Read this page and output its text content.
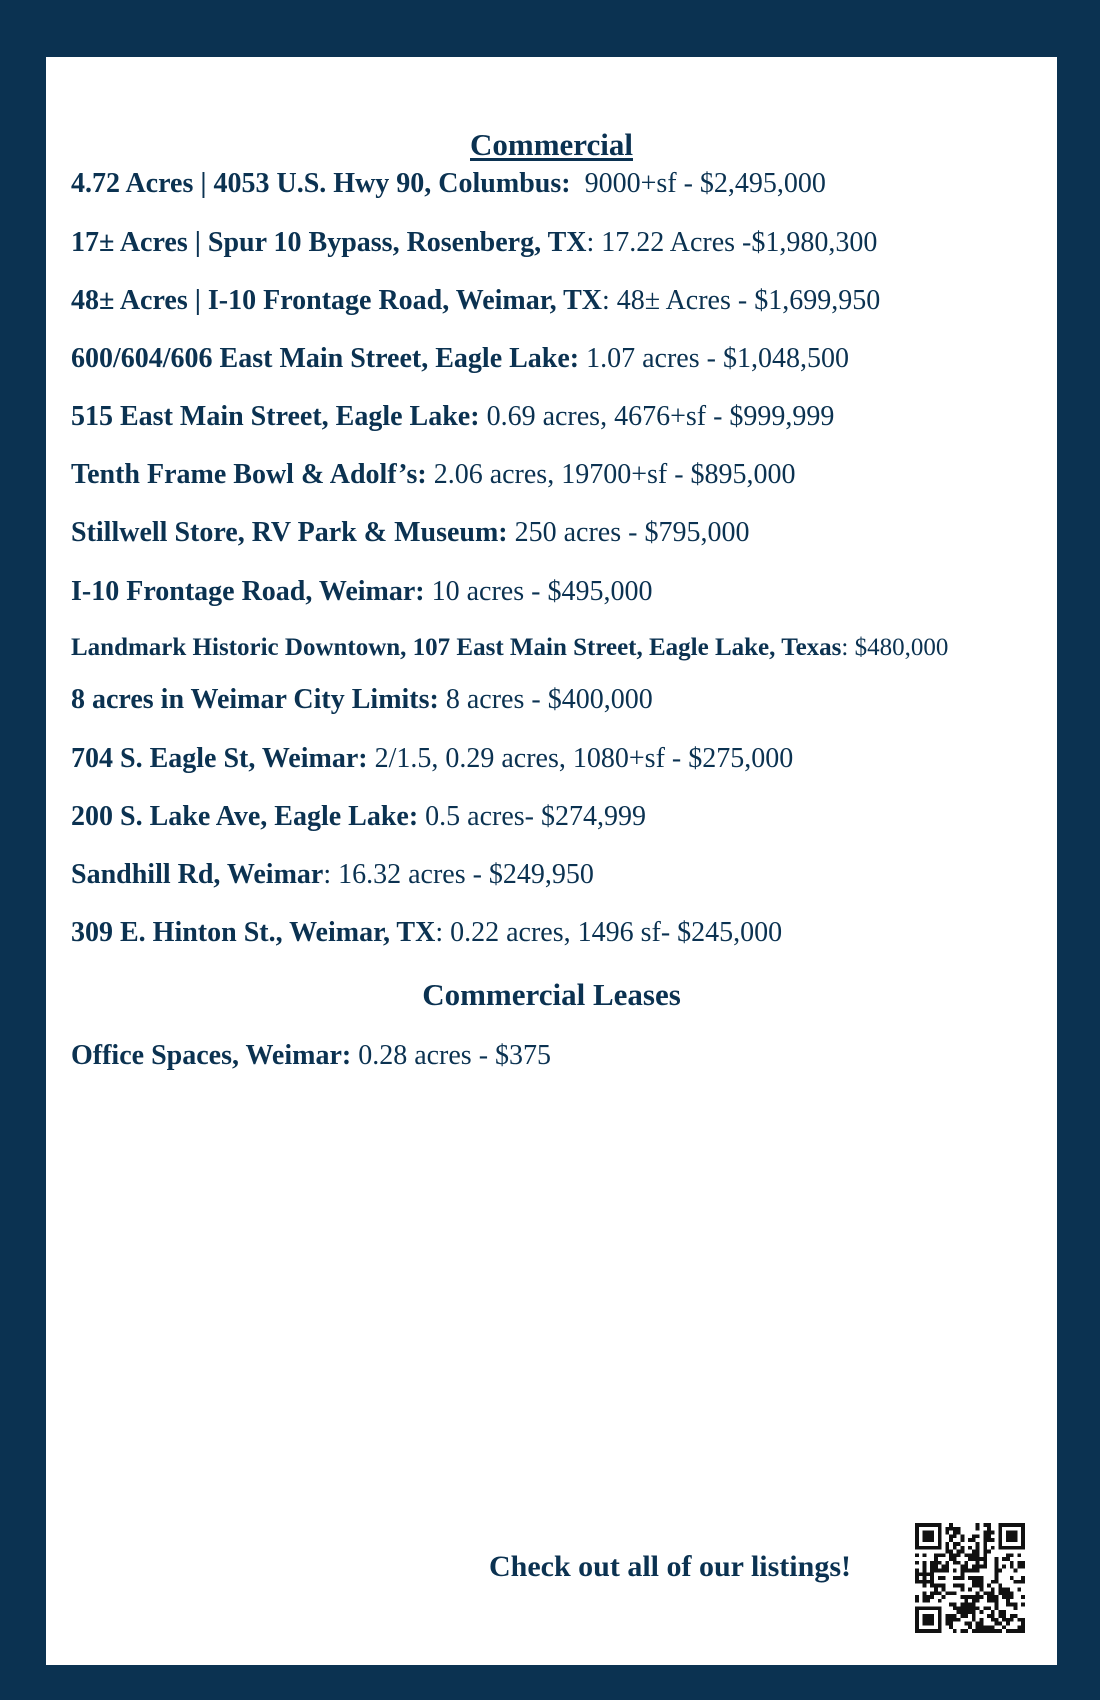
Commercial
4.72 Acres | 4053 U.S. Hwy 90, Columbus:  9000+sf - $2,495,000
17± Acres | Spur 10 Bypass, Rosenberg, TX: 17.22 Acres -$1,980,300
48± Acres | I-10 Frontage Road, Weimar, TX: 48± Acres - $1,699,950
600/604/606 East Main Street, Eagle Lake: 1.07 acres - $1,048,500
515 East Main Street, Eagle Lake: 0.69 acres, 4676+sf - $999,999
Tenth Frame Bowl & Adolf’s: 2.06 acres, 19700+sf - $895,000
Stillwell Store, RV Park & Museum: 250 acres - $795,000
I-10 Frontage Road, Weimar: 10 acres - $495,000
Landmark Historic Downtown, 107 East Main Street, Eagle Lake, Texas: $480,000
8 acres in Weimar City Limits: 8 acres - $400,000
704 S. Eagle St, Weimar: 2/1.5, 0.29 acres, 1080+sf - $275,000
200 S. Lake Ave, Eagle Lake: 0.5 acres- $274,999
Sandhill Rd, Weimar: 16.32 acres - $249,950
309 E. Hinton St., Weimar, TX: 0.22 acres, 1496 sf- $245,000
Commercial Leases
Office Spaces, Weimar: 0.28 acres - $375
Check out all of our listings!
